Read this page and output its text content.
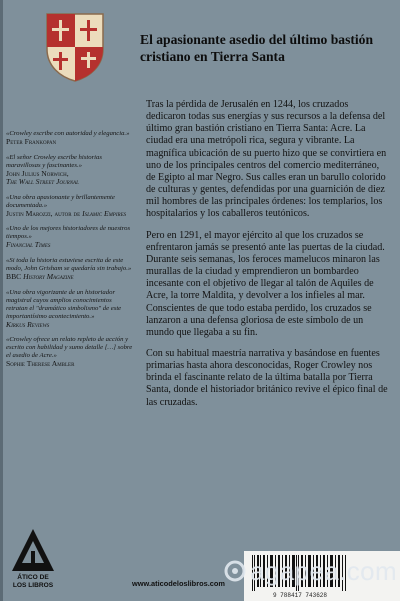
El apasionante asedio del último bastión cristiano en Tierra Santa

Tras la pérdida de Jerusalén en 1244, los cruzados dedicaron todas sus energías y sus recursos a la defensa del último gran bastión cristiano en Tierra Santa: Acre. La ciudad era una metrópoli rica, segura y vibrante. La magnífica ubicación de su puerto hizo que se convirtiera en uno de los principales centros del comercio mediterráneo, de Egipto al mar Negro. Sus calles eran un barullo colorido de culturas y gentes, defendidas por una guarnición de diez mil hombres de las principales órdenes: los templarios, los hospitalarios y los caballeros teutónicos.

Pero en 1291, el mayor ejército al que los cruzados se enfrentaron jamás se presentó ante las puertas de la ciudad. Durante seis semanas, los feroces mamelucos minaron las murallas de la ciudad y emprendieron un bombardeo incesante con el objetivo de llegar al talón de Aquiles de Acre, la torre Maldita, y devolver a los infieles al mar. Conscientes de que todo estaba perdido, los cruzados se lanzaron a una defensa gloriosa de este símbolo de un mundo que llegaba a su fin.

Con su habitual maestría narrativa y basándose en fuentes primarias hasta ahora desconocidas, Roger Crowley nos brinda el fascinante relato de la última batalla por Tierra Santa, donde el historiador británico revive el épico final de las cruzadas.

«Crowley escribe con autoridad y elegancia.»
Peter Frankopan
«El señor Crowley escribe historias maravillosas y fascinantes.»
John Julius Norwich,
The Wall Street Journal
«Una obra apasionante y brillantemente documentada.»
Justin Marozzi, autor de Islamic Empires
«Uno de los mejores historiadores de nuestros tiempos.»
Financial Times
«Si toda la historia estuviese escrita de este modo, John Grisham se quedaría sin trabajo.»
BBC History Magazine
«Una obra vigorizante de un historiador magistral cuyos amplios conocimientos retratan el "dramático simbolismo" de este importantísimo acontecimiento.»
Kirkus Reviews
«Crowley ofrece un relato repleto de acción y escrito con habilidad y sumo detalle […] sobre el asedio de Acre.»
Sophie Therese Ambler
ÁTICO DE
LOS LIBROS	www.aticodeloslibros.com
9 788417 743628
agapea.com
